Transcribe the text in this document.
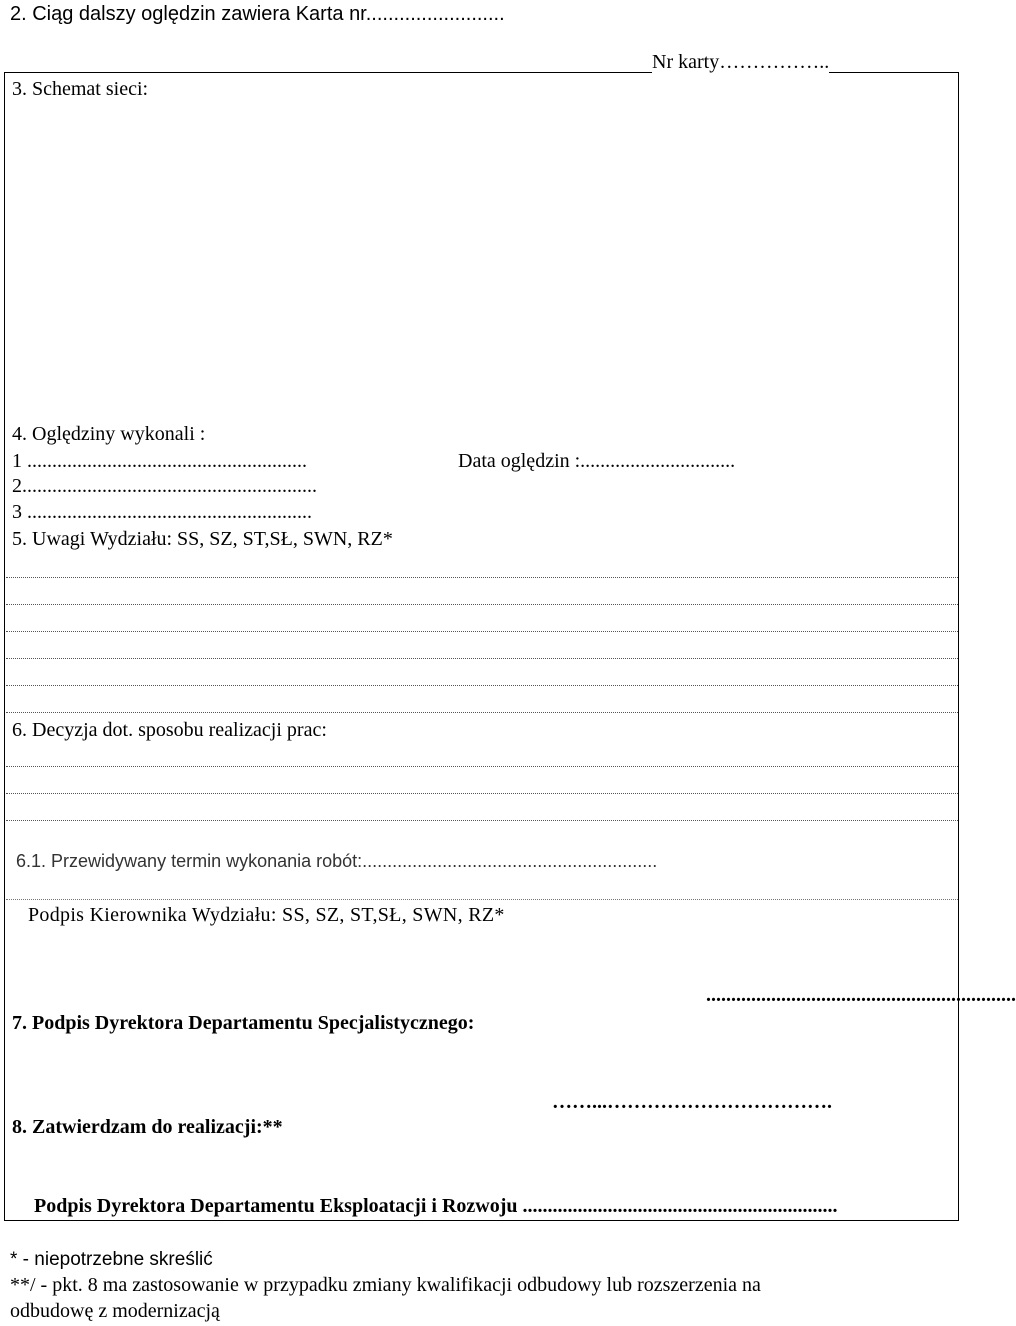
2. Ciąg dalszy oględzin zawiera Karta nr.........................
Nr karty……………..
3. Schemat sieci:
4. Oględziny wykonali :
1 ........................................................	Data oględzin :...............................
2...........................................................
3 .........................................................
5. Uwagi Wydziału: SS, SZ, ST,SŁ, SWN, RZ*
6. Decyzja dot. sposobu realizacji prac:
6.1. Przewidywany termin wykonania robót:...........................................................
Podpis Kierownika Wydziału: SS, SZ, ST,SŁ, SWN, RZ*
..............................................................
7. Podpis Dyrektora Departamentu Specjalistycznego:
……...…………………………….
8. Zatwierdzam do realizacji:**
Podpis Dyrektora Departamentu Eksploatacji i Rozwoju ...............................................................
* - niepotrzebne skreślić
**/ - pkt. 8 ma zastosowanie w przypadku zmiany kwalifikacji odbudowy lub rozszerzenia na
odbudowę z modernizacją
